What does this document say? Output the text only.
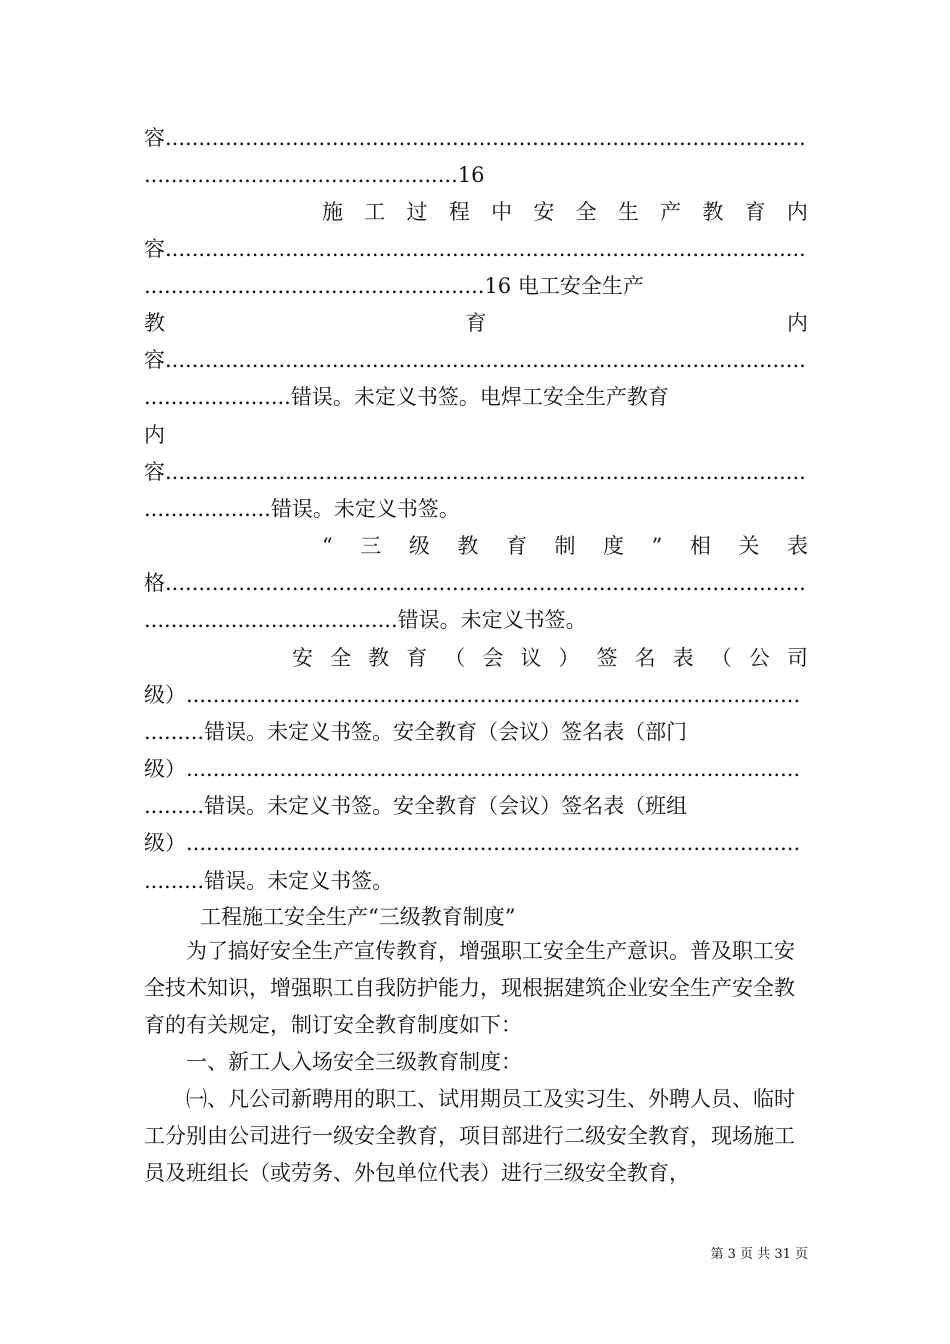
容................................................................................................
...............................................16
施 工 过 程 中 安 全 生 产 教 育 内
容................................................................................................
...................................................16 电工安全生产
教	育	内
容................................................................................................
......................错误。未定义书签。电焊工安全生产教育
内
容................................................................................................
...................错误。未定义书签。
“ 三 级 教 育 制 度 ” 相 关 表
格................................................................................................
......................................错误。未定义书签。
安 全 教 育 （ 会 议 ） 签 名 表 （ 公 司
级）............................................................................................
.........错误。未定义书签。安全教育（会议）签名表（部门
级）............................................................................................
.........错误。未定义书签。安全教育（会议）签名表（班组
级）............................................................................................
.........错误。未定义书签。
工程施工安全生产“三级教育制度”

为了搞好安全生产宣传教育，增强职工安全生产意识。普及职工安全技术知识，增强职工自我防护能力，现根据建筑企业安全生产安全教育的有关规定，制订安全教育制度如下：

一、新工人入场安全三级教育制度：

㈠、凡公司新聘用的职工、试用期员工及实习生、外聘人员、临时工分别由公司进行一级安全教育，项目部进行二级安全教育，现场施工员及班组长（或劳务、外包单位代表）进行三级安全教育，

第 3 页 共 31 页
